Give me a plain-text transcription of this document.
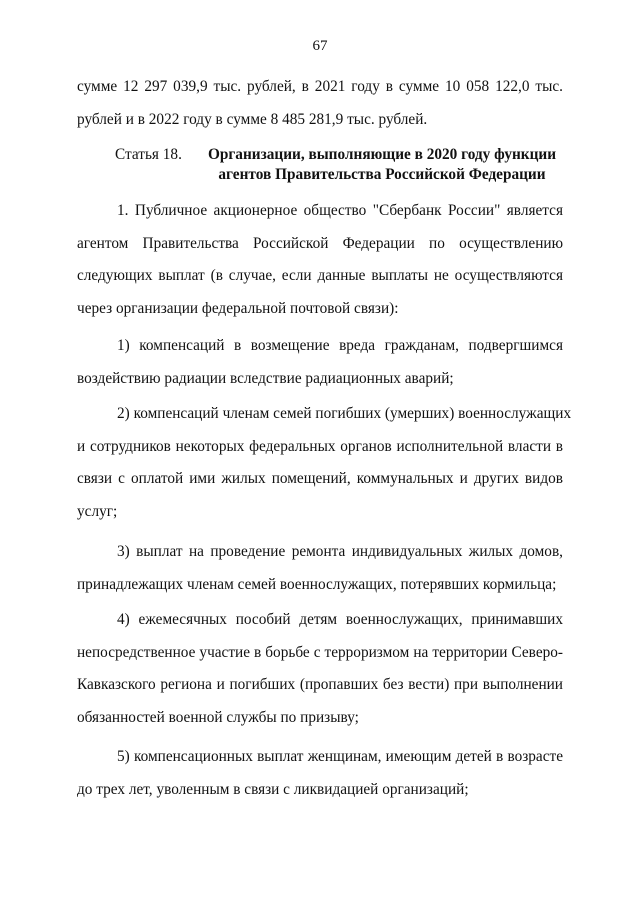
67
сумме 12 297 039,9 тыс. рублей, в 2021 году в сумме 10 058 122,0 тыс.
рублей и в 2022 году в сумме 8 485 281,9 тыс. рублей.
Статья 18.	Организации, выполняющие в 2020 году функции
агентов Правительства Российской Федерации
1. Публичное акционерное общество "Сбербанк России" является
агентом Правительства Российской Федерации по осуществлению
следующих выплат (в случае, если данные выплаты не осуществляются
через организации федеральной почтовой связи):
1) компенсаций в возмещение вреда гражданам, подвергшимся
воздействию радиации вследствие радиационных аварий;
2) компенсаций членам семей погибших (умерших) военнослужащих
и сотрудников некоторых федеральных органов исполнительной власти в
связи с оплатой ими жилых помещений, коммунальных и других видов
услуг;
3) выплат на проведение ремонта индивидуальных жилых домов,
принадлежащих членам семей военнослужащих, потерявших кормильца;
4) ежемесячных пособий детям военнослужащих, принимавших
непосредственное участие в борьбе с терроризмом на территории Северо-
Кавказского региона и погибших (пропавших без вести) при выполнении
обязанностей военной службы по призыву;
5) компенсационных выплат женщинам, имеющим детей в возрасте
до трех лет, уволенным в связи с ликвидацией организаций;
